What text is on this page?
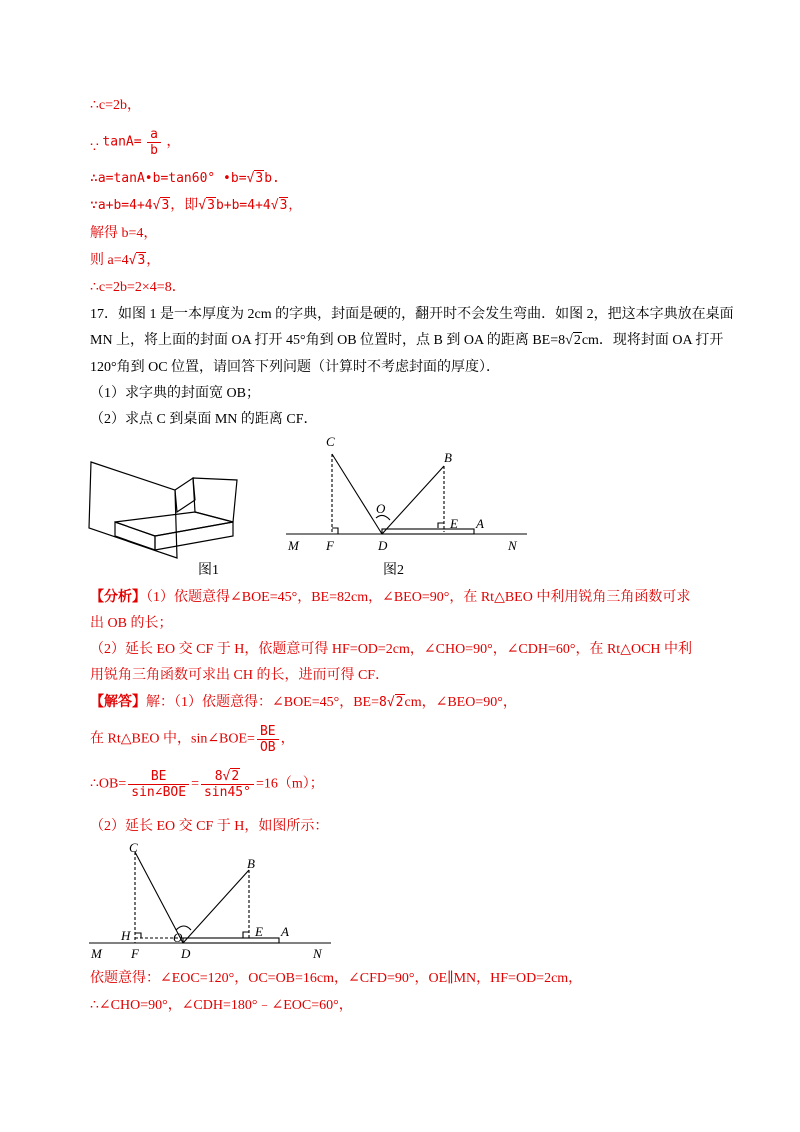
∴c=2b，
∵ $\tan A= \frac{a}{b}$ ，
∴a=tanA•b=tan60° •b=√3b.
∵a+b=4+4√3，即√3b+b=4+4√3，
解得 b=4，
则 a=4√3，
∴c=2b=2×4=8．
17．如图 1 是一本厚度为 2cm 的字典，封面是硬的，翻开时不会发生弯曲．如图 2，把这本字典放在桌面
MN 上，将上面的封面 OA 打开 45°角到 OB 位置时，点 B 到 OA 的距离 BE=8√2cm．现将封面 OA 打开
120°角到 OC 位置，请回答下列问题（计算时不考虑封面的厚度）．
（1）求字典的封面宽 OB；
（2）求点 C 到桌面 MN 的距离 CF．
图1
C
B
O
E A
M F	D	N
图2
【分析】（1）依题意得∠BOE=45°，BE=82cm，∠BEO=90°，在 Rt△BEO 中利用锐角三角函数可求
出 OB 的长；
（2）延长 EO 交 CF 于 H，依题意可得 HF=OD=2cm，∠CHO=90°，∠CDH=60°，在 Rt△OCH 中利
用锐角三角函数可求出 CH 的长，进而可得 CF．
【解答】解：（1）依题意得：∠BOE=45°，BE=8√2cm，∠BEO=90°，
在 Rt△BEO 中，sin∠BOE= $\frac{BE}{OB}$ ，
∴OB= $\frac{BE}{\text{sin∠BOE}} = \frac{8√2}{\sin 45^\circ} =16(m)$；
（2）延长 EO 交 CF 于 H，如图所示：
C
B
H	O	E A
M F	D	N
依题意得：∠EOC=120°，OC=OB=16cm，∠CFD=90°，OE∥MN，HF=OD=2cm，
∴∠CHO=90°，∠CDH=180°﹣∠EOC=60°，
